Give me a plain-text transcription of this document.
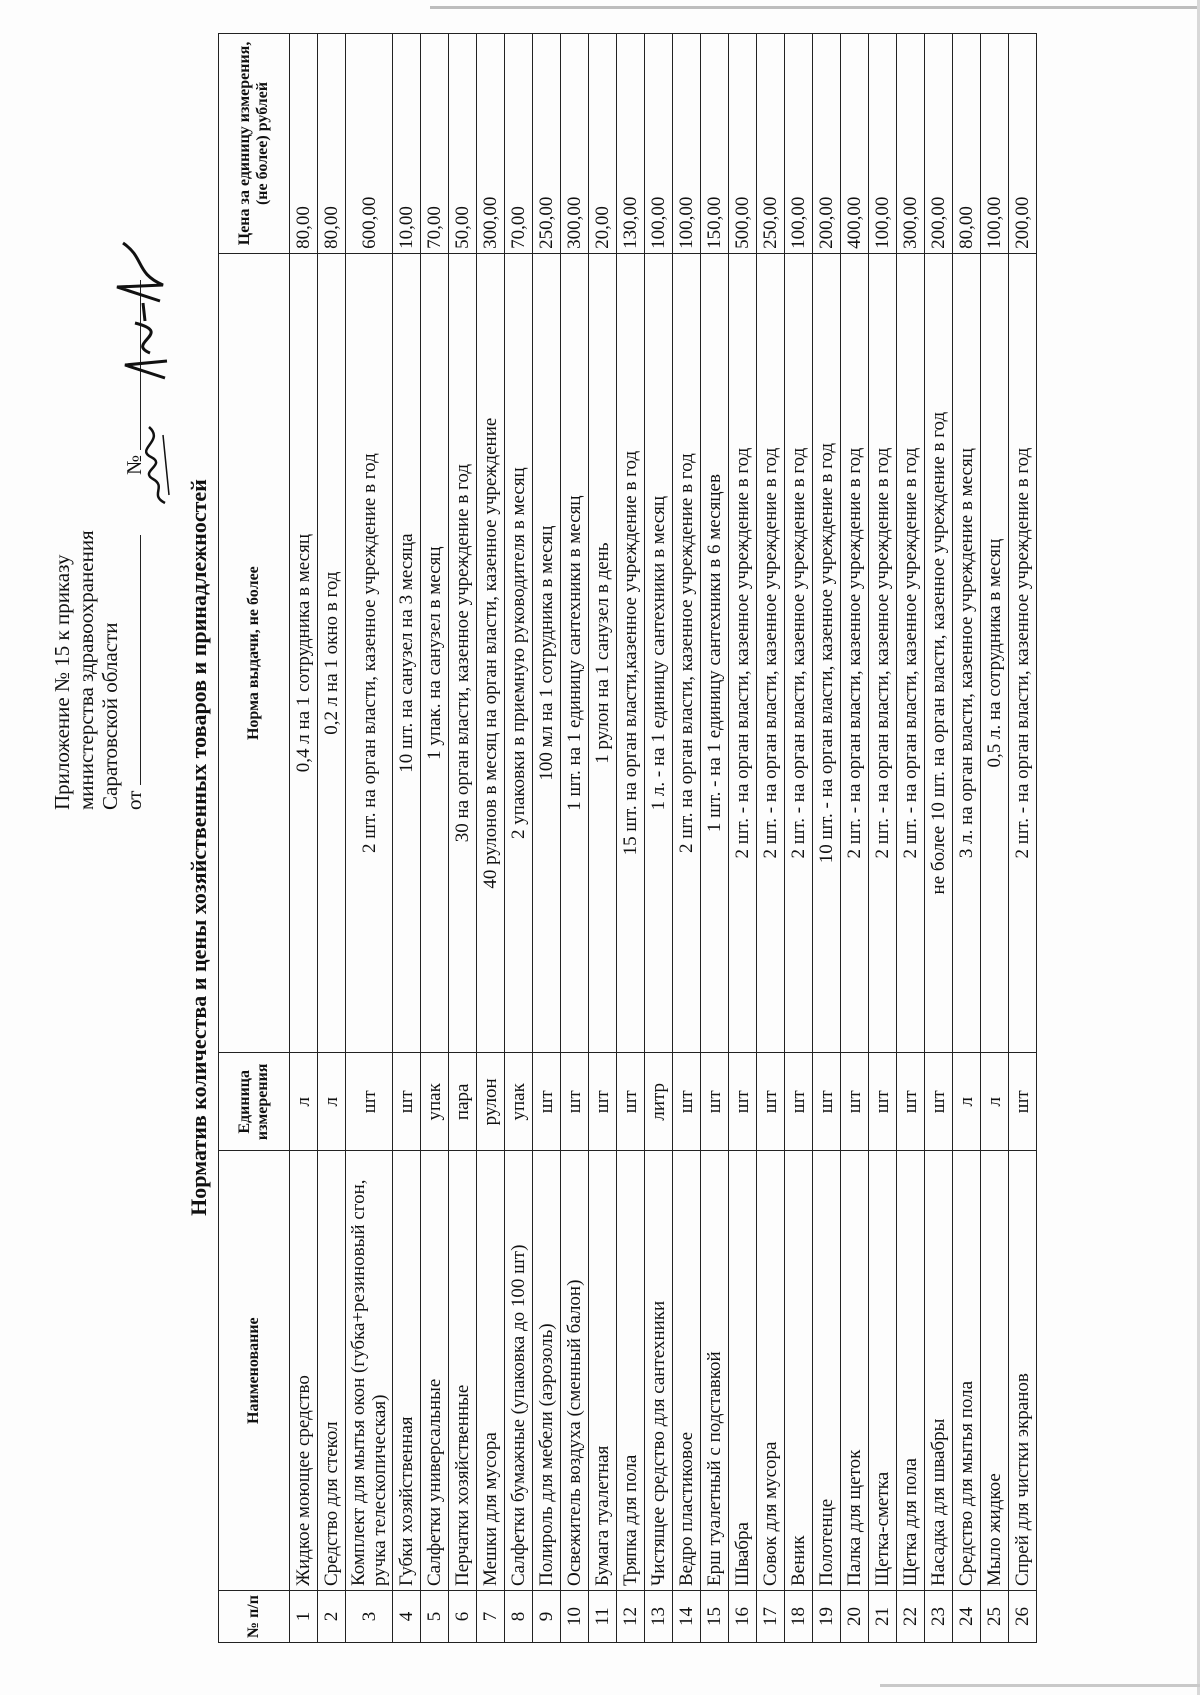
Приложение № 15 к приказу министерства здравоохранения Саратовской области от   №
Норматив количества и цены хозяйственных товаров и принадлежностей
№ п/п	Наименование	Единица измерения	Норма выдачи, не более	Цена за единицу измерения, (не более) рублей
1	Жидкое моющее средство	л	0,4 л на 1 сотрудника в месяц	80,00
2	Средство для стекол	л	0,2 л на 1 окно в год	80,00
3	Комплект для мытья окон (губка+резиновый сгон, ручка телескопическая)	шт	2 шт. на орган власти, казенное учреждение в год	600,00
4	Губки хозяйственная	шт	10 шт. на санузел на 3 месяца	10,00
5	Салфетки универсальные	упак	1 упак. на санузел в месяц	70,00
6	Перчатки хозяйственные	пара	30 на орган власти, казенное учреждение в год	50,00
7	Мешки для мусора	рулон	40 рулонов в месяц на орган власти, казенное учреждение	300,00
8	Салфетки бумажные (упаковка до 100 шт)	упак	2 упаковки в приемную руководителя в месяц	70,00
9	Полироль для мебели (аэрозоль)	шт	100 мл на 1 сотрудника в месяц	250,00
10	Освежитель воздуха (сменный балон)	шт	1 шт. на 1 единицу сантехники в месяц	300,00
11	Бумага туалетная	шт	1 рулон на 1 санузел в день	20,00
12	Тряпка для пола	шт	15 шт. на орган власти,казенное учреждение в год	130,00
13	Чистящее средство для сантехники	литр	1 л. - на 1 единицу сантехники в месяц	100,00
14	Ведро пластиковое	шт	2 шт. на орган власти, казенное учреждение в год	100,00
15	Ерш туалетный с подставкой	шт	1 шт. - на 1 единицу сантехники в 6 месяцев	150,00
16	Швабра	шт	2 шт. - на орган власти, казенное учреждение в год	500,00
17	Совок для мусора	шт	2 шт. - на орган власти, казенное учреждение в год	250,00
18	Веник	шт	2 шт. - на орган власти, казенное учреждение в год	100,00
19	Полотенце	шт	10 шт. - на орган власти, казенное учреждение в год	200,00
20	Палка для щеток	шт	2 шт. - на орган власти, казенное учреждение в год	400,00
21	Щетка-сметка	шт	2 шт. - на орган власти, казенное учреждение в год	100,00
22	Щетка для пола	шт	2 шт. - на орган власти, казенное учреждение в год	300,00
23	Насадка для швабры	шт	не более 10 шт. на орган власти, казенное учреждение в год	200,00
24	Средство для мытья пола	л	3 л. на орган власти, казенное учреждение в месяц	80,00
25	Мыло жидкое	л	0,5 л. на сотрудника в месяц	100,00
26	Спрей для чистки экранов	шт	2 шт. - на орган власти, казенное учреждение в год	200,00
